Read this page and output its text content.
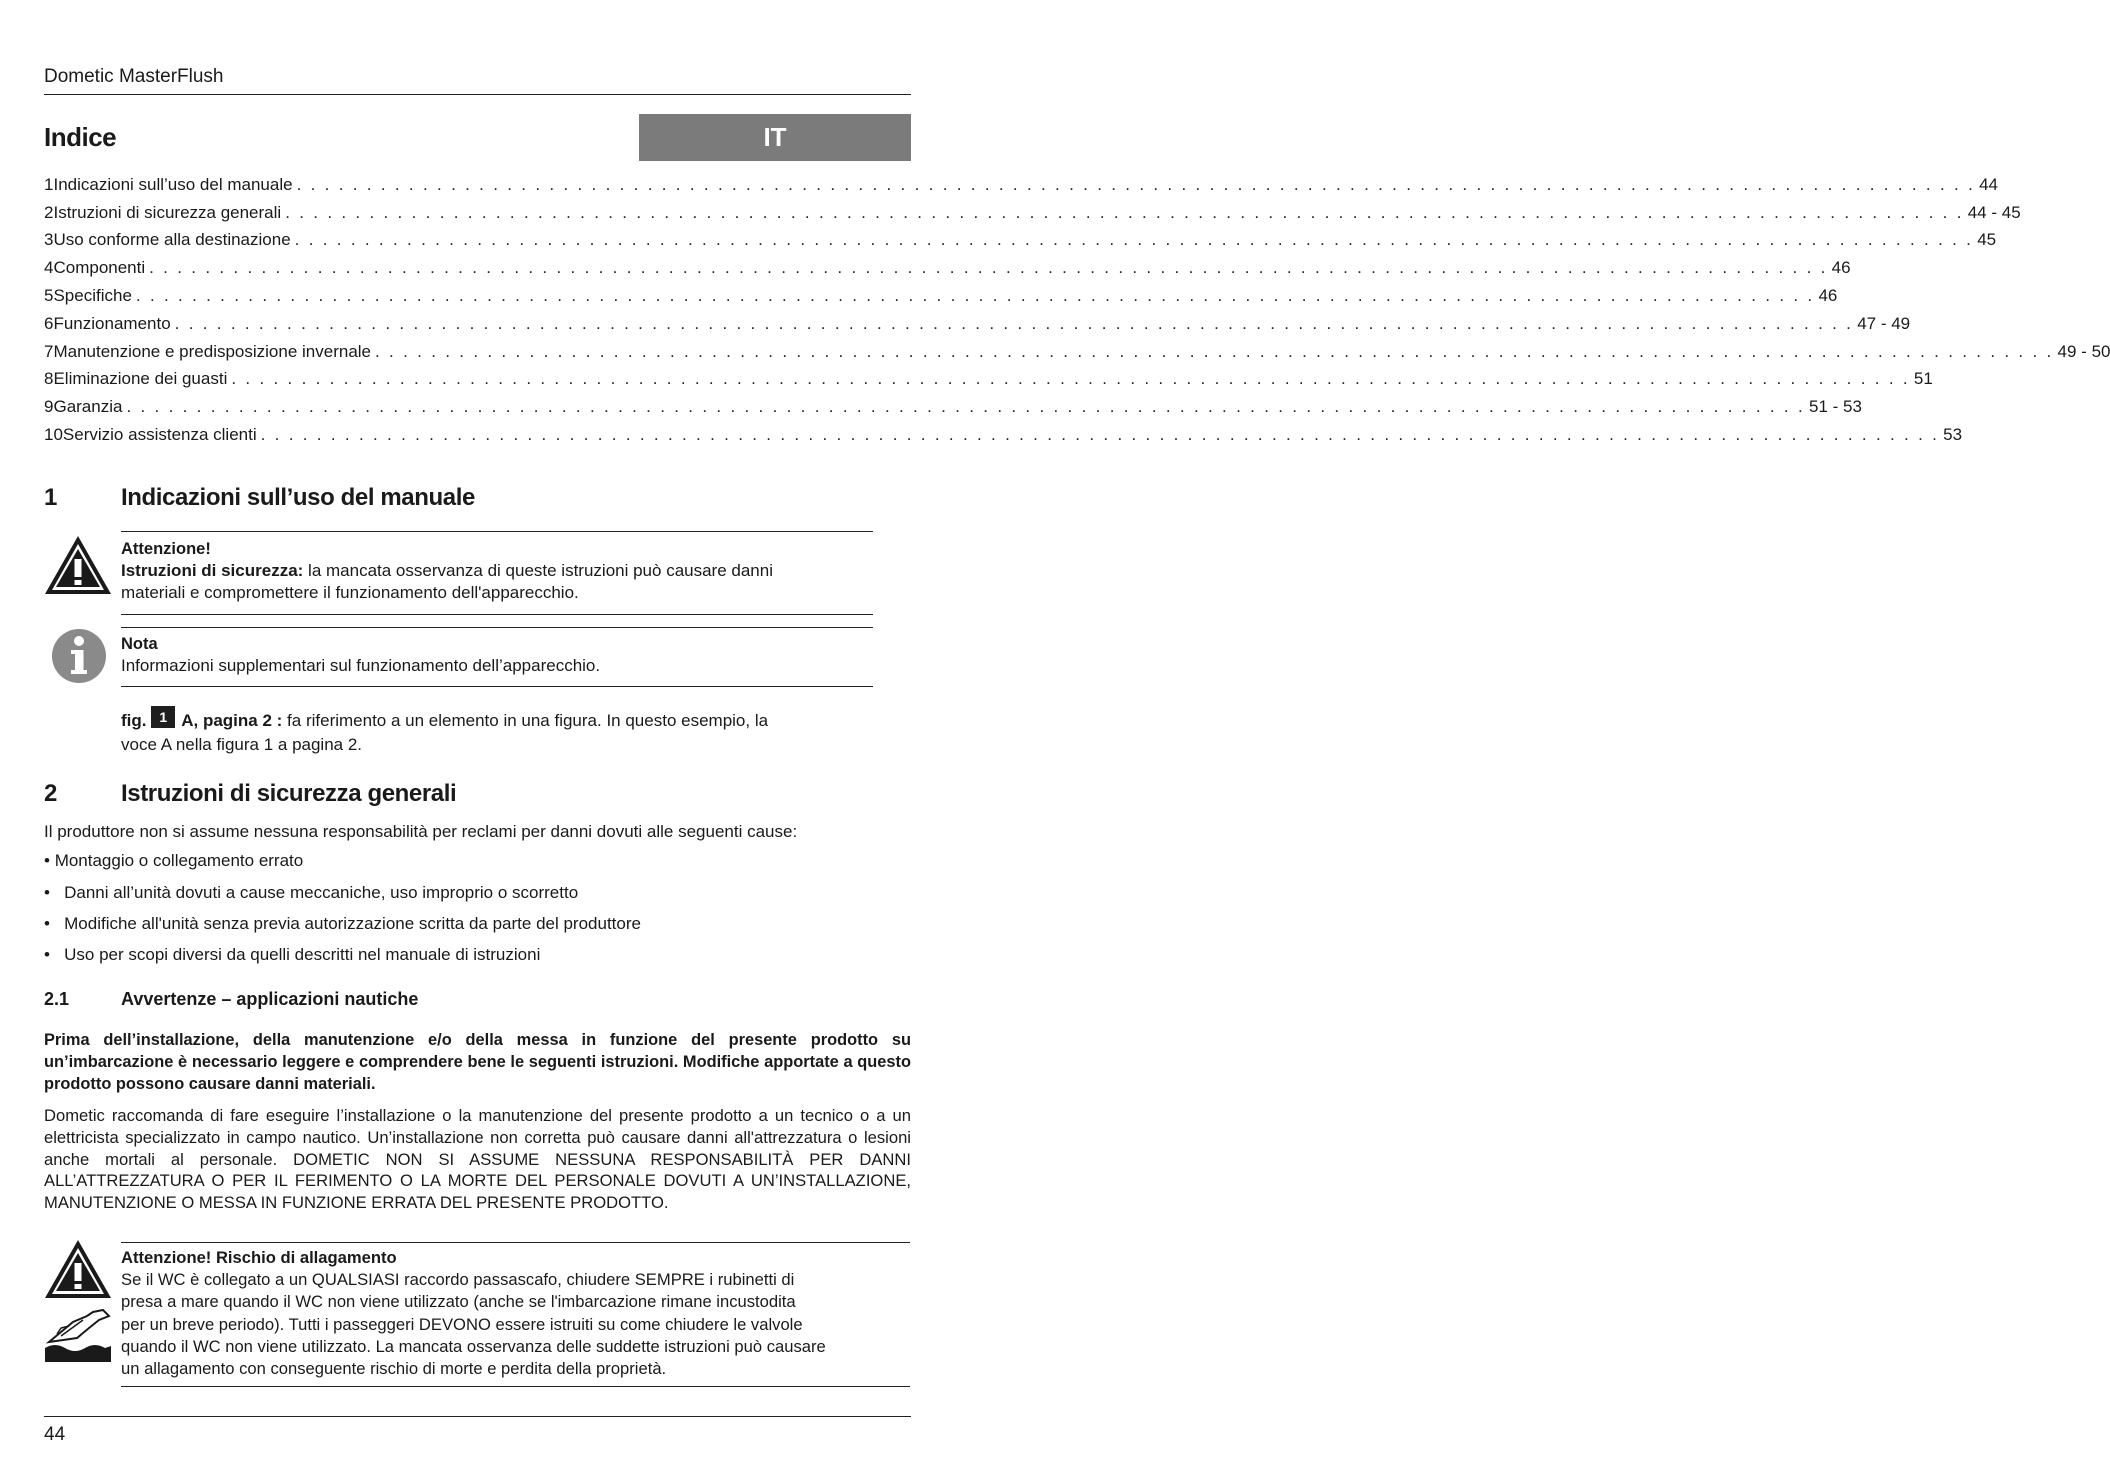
Dometic MasterFlush
Indice	IT
1 Indicazioni sull’uso del manuale . . . . . . . . . . . . . . . . . . . . . . . . . . . . . . . . . . . . . . . . . . . . . . . . . . . . . . . . . . . . . . . . . . . . . . . . . . . . . . . . . . . . . . . . . . . . . . . . . . . . . . . . . . . . . . . . . . . . . . . . 44
2 Istruzioni di sicurezza generali . . . . . . . . . . . . . . . . . . . . . . . . . . . . . . . . . . . . . . . . . . . . . . . . . . . . . . . . . . . . . . . . . . . . . . . . . . . . . . . . . . . . . . . . . . . . . . . . . . . . . . . . . . . . . . . . . . . . . . . . 44 - 45
3 Uso conforme alla destinazione . . . . . . . . . . . . . . . . . . . . . . . . . . . . . . . . . . . . . . . . . . . . . . . . . . . . . . . . . . . . . . . . . . . . . . . . . . . . . . . . . . . . . . . . . . . . . . . . . . . . . . . . . . . . . . . . . . . . . . . . 45
4 Componenti . . . . . . . . . . . . . . . . . . . . . . . . . . . . . . . . . . . . . . . . . . . . . . . . . . . . . . . . . . . . . . . . . . . . . . . . . . . . . . . . . . . . . . . . . . . . . . . . . . . . . . . . . . . . . . . . . . . . . . . . 46
5 Specifiche . . . . . . . . . . . . . . . . . . . . . . . . . . . . . . . . . . . . . . . . . . . . . . . . . . . . . . . . . . . . . . . . . . . . . . . . . . . . . . . . . . . . . . . . . . . . . . . . . . . . . . . . . . . . . . . . . . . . . . . . 46
6 Funzionamento . . . . . . . . . . . . . . . . . . . . . . . . . . . . . . . . . . . . . . . . . . . . . . . . . . . . . . . . . . . . . . . . . . . . . . . . . . . . . . . . . . . . . . . . . . . . . . . . . . . . . . . . . . . . . . . . . . . . . . . . 47 - 49
7 Manutenzione e predisposizione invernale . . . . . . . . . . . . . . . . . . . . . . . . . . . . . . . . . . . . . . . . . . . . . . . . . . . . . . . . . . . . . . . . . . . . . . . . . . . . . . . . . . . . . . . . . . . . . . . . . . . . . . . . . . . . . . . . . . . . . . . . 49 - 50
8 Eliminazione dei guasti . . . . . . . . . . . . . . . . . . . . . . . . . . . . . . . . . . . . . . . . . . . . . . . . . . . . . . . . . . . . . . . . . . . . . . . . . . . . . . . . . . . . . . . . . . . . . . . . . . . . . . . . . . . . . . . . . . . . . . . . 51
9 Garanzia . . . . . . . . . . . . . . . . . . . . . . . . . . . . . . . . . . . . . . . . . . . . . . . . . . . . . . . . . . . . . . . . . . . . . . . . . . . . . . . . . . . . . . . . . . . . . . . . . . . . . . . . . . . . . . . . . . . . . . . . 51 - 53
10 Servizio assistenza clienti . . . . . . . . . . . . . . . . . . . . . . . . . . . . . . . . . . . . . . . . . . . . . . . . . . . . . . . . . . . . . . . . . . . . . . . . . . . . . . . . . . . . . . . . . . . . . . . . . . . . . . . . . . . . . . . . . . . . . . . . 53
1	Indicazioni sull’uso del manuale
Attenzione!
Istruzioni di sicurezza: la mancata osservanza di queste istruzioni può causare danni
materiali e compromettere il funzionamento dell'apparecchio.
Nota
Informazioni supplementari sul funzionamento dell’apparecchio.
fig. 1 A, pagina 2 : fa riferimento a un elemento in una figura. In questo esempio, la
voce A nella figura 1 a pagina 2.
2	Istruzioni di sicurezza generali
Il produttore non si assume nessuna responsabilità per reclami per danni dovuti alle seguenti cause:
• Montaggio o collegamento errato
•   Danni all’unità dovuti a cause meccaniche, uso improprio o scorretto
•   Modifiche all'unità senza previa autorizzazione scritta da parte del produttore
•   Uso per scopi diversi da quelli descritti nel manuale di istruzioni
2.1	Avvertenze – applicazioni nautiche
Prima dell’installazione, della manutenzione e/o della messa in funzione del presente prodotto su un’imbarcazione è necessario leggere e comprendere bene le seguenti istruzioni. Modifiche apportate a questo prodotto possono causare danni materiali.
Dometic raccomanda di fare eseguire l’installazione o la manutenzione del presente prodotto a un tecnico o a un elettricista specializzato in campo nautico. Un’installazione non corretta può causare danni all'attrezzatura o lesioni anche mortali al personale. DOMETIC NON SI ASSUME NESSUNA RESPONSABILITÀ PER DANNI ALL’ATTREZZATURA O PER IL FERIMENTO O LA MORTE DEL PERSONALE DOVUTI A UN’INSTALLAZIONE, MANUTENZIONE O MESSA IN FUNZIONE ERRATA DEL PRESENTE PRODOTTO.
Attenzione! Rischio di allagamento
Se il WC è collegato a un QUALSIASI raccordo passascafo, chiudere SEMPRE i rubinetti di
presa a mare quando il WC non viene utilizzato (anche se l'imbarcazione rimane incustodita
per un breve periodo). Tutti i passeggeri DEVONO essere istruiti su come chiudere le valvole
quando il WC non viene utilizzato. La mancata osservanza delle suddette istruzioni può causare
un allagamento con conseguente rischio di morte e perdita della proprietà.
44
